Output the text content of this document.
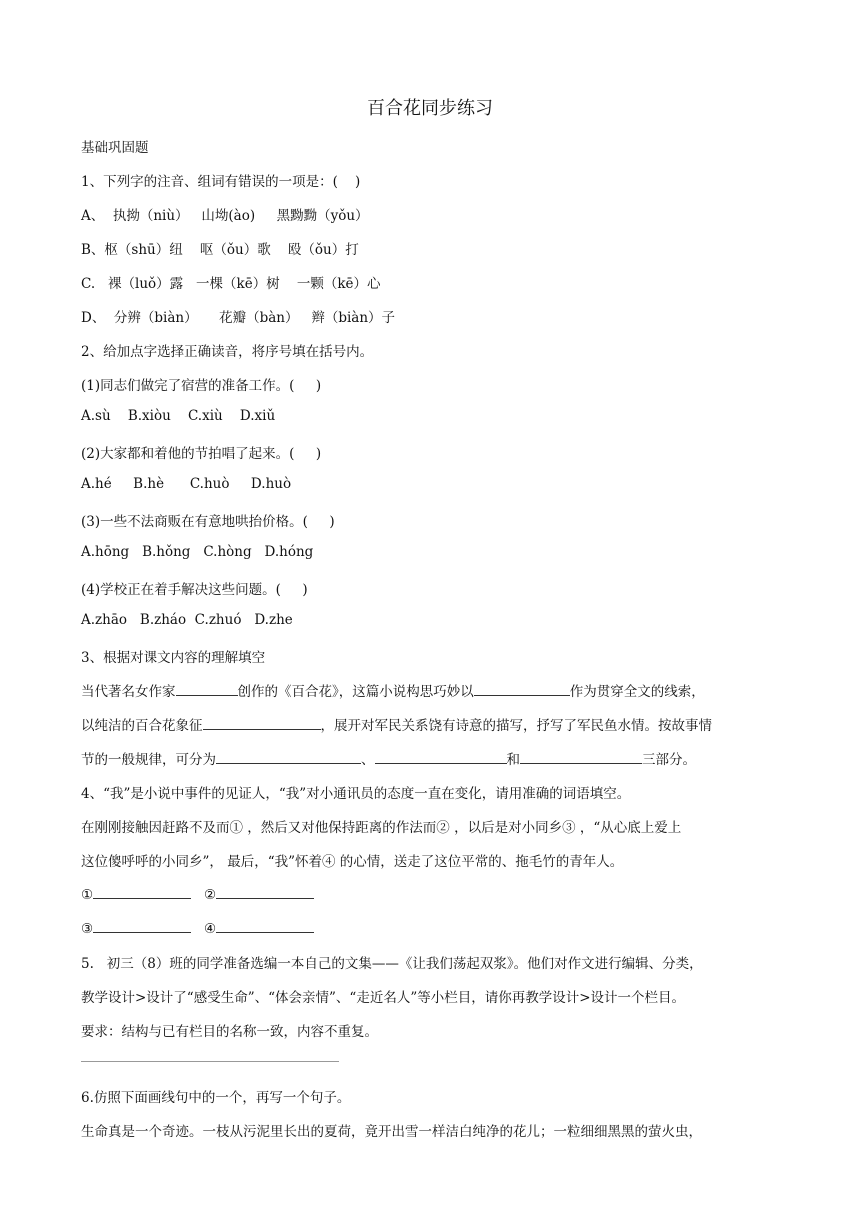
百合花同步练习
基础巩固题
1、下列字的注音、组词有错误的一项是：(    )
A、  执拗（niù）   山坳(ào)     黑黝黝（yǒu）
B、枢（shū）纽    呕（ǒu）歌    殴（ǒu）打
C.   裸（luǒ）露   一棵（kē）树    一颗（kē）心
D、  分辨（biàn）     花瓣（bàn）   辫（biàn）子
2、给加点字选择正确读音，将序号填在括号内。
(1)同志们做完了宿营的准备工作。(     )
A.sù    B.xiòu    C.xiù    D.xiǔ
(2)大家都和着他的节拍唱了起来。(     )
A.hé     B.hè      C.huò     D.huò
(3)一些不法商贩在有意地哄抬价格。(     )
A.hōng   B.hǒng   C.hòng   D.hóng
(4)学校正在着手解决这些问题。(     )
A.zhāo   B.zháo  C.zhuó   D.zhe
3、根据对课文内容的理解填空
当代著名女作家	创作的《百合花》，这篇小说构思巧妙以	作为贯穿全文的线索，
以纯洁的百合花象征	，展开对军民关系饶有诗意的描写，抒写了军民鱼水情。按故事情
节的一般规律，可分为	、	和	三部分。
4、“我”是小说中事件的见证人，“我”对小通讯员的态度一直在变化，请用准确的词语填空。
在刚刚接触因赶路不及而① ，然后又对他保持距离的作法而② ，以后是对小同乡③ ，“从心底上爱上
这位傻呼呼的小同乡”， 最后，“我”怀着④ 的心情，送走了这位平常的、拖毛竹的青年人。
①	②
③	④
5.   初三（8）班的同学准备选编一本自己的文集——《让我们荡起双浆》。他们对作文进行编辑、分类，
教学设计>设计了“感受生命”、“体会亲情”、“走近名人”等小栏目，请你再教学设计>设计一个栏目。
要求：结构与已有栏目的名称一致，内容不重复。
6.仿照下面画线句中的一个，再写一个句子。
生命真是一个奇迹。一枝从污泥里长出的夏荷，竟开出雪一样洁白纯净的花儿；一粒细细黑黑的萤火虫，
